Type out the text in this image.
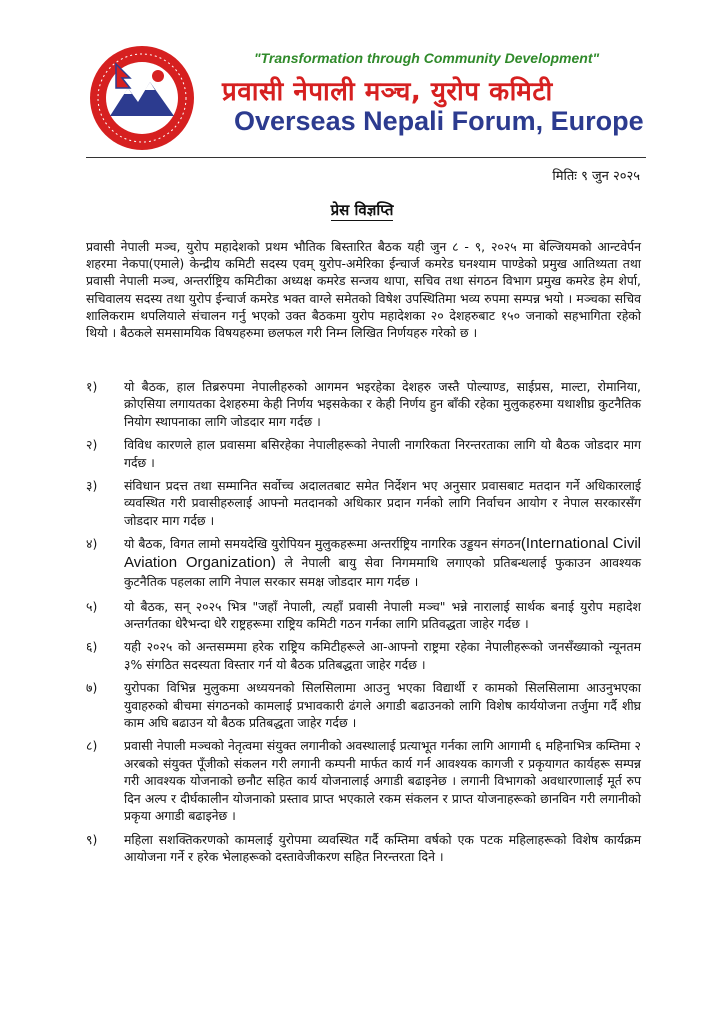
"Transformation through Community Development"
प्रवासी नेपाली मञ्च, युरोप कमिटी
Overseas Nepali Forum, Europe
मितिः ९ जुन २०२५
प्रेस विज्ञप्ति
प्रवासी नेपाली मञ्च, युरोप महादेशको प्रथम भौतिक बिस्तारित बैठक यही जुन ८ - ९, २०२५ मा बेल्जियमको आन्टवेर्पन शहरमा नेकपा(एमाले) केन्द्रीय कमिटी सदस्य एवम् युरोप-अमेरिका ईन्चार्ज कमरेड घनश्याम पाण्डेको प्रमुख आतिथ्यता तथा प्रवासी नेपाली मञ्च, अन्तर्राष्ट्रिय कमिटीका अध्यक्ष कमरेड सन्जय थापा, सचिव तथा संगठन विभाग प्रमुख कमरेड हेम शेर्पा, सचिवालय सदस्य तथा युरोप ईन्चार्ज कमरेड भक्त वाग्ले समेतको विषेश उपस्थितिमा भव्य रुपमा सम्पन्न भयो । मञ्चका सचिव शालिकराम थपलियाले संचालन गर्नु भएको उक्त बैठकमा युरोप महादेशका २० देशहरुबाट १५० जनाको सहभागिता रहेको थियो । बैठकले समसामयिक विषयहरुमा छलफल गरी निम्न लिखित निर्णयहरु गरेको छ ।
१)	यो बैठक, हाल तिब्ररुपमा नेपालीहरुको आगमन भइरहेका देशहरु जस्तै पोल्याण्ड, साईप्रस, माल्टा, रोमानिया, क्रोएसिया लगायतका देशहरुमा केही निर्णय भइसकेका र केही निर्णय हुन बाँकी रहेका मुलुकहरुमा यथाशीघ्र कुटनैतिक नियोग स्थापनाका लागि जोडदार माग गर्दछ ।
२)	विविध कारणले हाल प्रवासमा बसिरहेका नेपालीहरूको नेपाली नागरिकता निरन्तरताका लागि यो बैठक जोडदार माग गर्दछ ।
३)	संविधान प्रदत्त तथा सम्मानित सर्वोच्च अदालतबाट समेत निर्देशन भए अनुसार प्रवासबाट मतदान गर्ने अधिकारलाई व्यवस्थित गरी प्रवासीहरुलाई आफ्नो मतदानको अधिकार प्रदान गर्नको लागि निर्वाचन आयोग र नेपाल सरकारसँग जोडदार माग गर्दछ ।
४)	यो बैठक, विगत लामो समयदेखि युरोपियन मुलुकहरूमा अन्तर्राष्ट्रिय नागरिक उड्डयन संगठन(International Civil Aviation Organization) ले नेपाली बायु सेवा निगममाथि लगाएको प्रतिबन्धलाई फुकाउन आवश्यक कुटनैतिक पहलका लागि नेपाल सरकार समक्ष जोडदार माग गर्दछ ।
५)	यो बैठक, सन् २०२५ भित्र "जहाँ नेपाली, त्यहाँ प्रवासी नेपाली मञ्च" भन्ने नारालाई सार्थक बनाई युरोप महादेश अन्तर्गतका धेरैभन्दा धेरै राष्ट्रहरूमा राष्ट्रिय कमिटी गठन गर्नका लागि प्रतिवद्धता जाहेर गर्दछ ।
६)	यही २०२५ को अन्तसम्ममा हरेक राष्ट्रिय कमिटीहरूले आ-आफ्नो राष्ट्रमा रहेका नेपालीहरूको जनसँख्याको न्यूनतम ३% संगठित सदस्यता विस्तार गर्न यो बैठक प्रतिबद्धता जाहेर गर्दछ ।
७)	युरोपका विभिन्न मुलुकमा अध्ययनको सिलसिलामा आउनु भएका विद्यार्थी र कामको सिलसिलामा आउनुभएका युवाहरुको बीचमा संगठनको कामलाई प्रभावकारी ढंगले अगाडी बढाउनको लागि विशेष कार्ययोजना तर्जुमा गर्दै शीघ्र काम अघि बढाउन यो बैठक प्रतिबद्धता जाहेर गर्दछ ।
८)	प्रवासी नेपाली मञ्चको नेतृत्वमा संयुक्त लगानीको अवस्थालाई प्रत्याभूत गर्नका लागि आगामी ६ महिनाभित्र कम्तिमा २ अरबको संयुक्त पूँजीको संकलन गरी लगानी कम्पनी मार्फत कार्य गर्न आवश्यक कागजी र प्रकृयागत कार्यहरू सम्पन्न गरी आवश्यक योजनाको छनौट सहित कार्य योजनालाई अगाडी बढाइनेछ । लगानी विभागको अवधारणालाई मूर्त रुप दिन अल्प र दीर्घकालीन योजनाको प्रस्ताव प्राप्त भएकाले रकम संकलन र प्राप्त योजनाहरूको छानविन गरी लगानीको प्रकृया अगाडी बढाइनेछ ।
९)	महिला सशक्तिकरणको कामलाई युरोपमा व्यवस्थित गर्दै कम्तिमा वर्षको एक पटक महिलाहरूको विशेष कार्यक्रम आयोजना गर्ने र हरेक भेलाहरूको दस्तावेजीकरण सहित निरन्तरता दिने ।
